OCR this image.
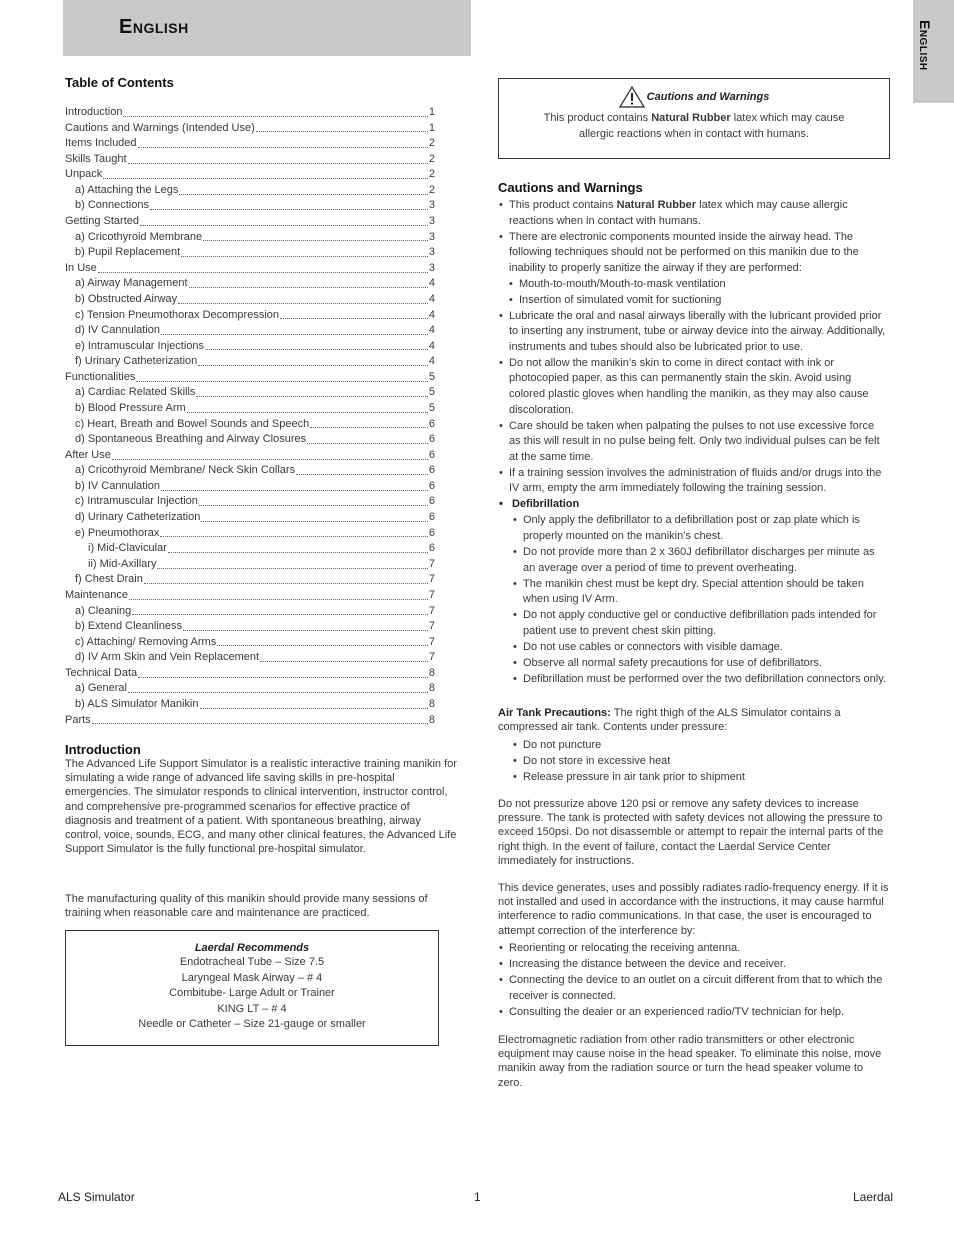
English	English
Table of Contents
Introduction	1
Cautions and Warnings (Intended Use)	1
Items Included	2
Skills Taught	2
Unpack	2
a) Attaching the Legs	2
b) Connections	3
Getting Started	3
a) Cricothyroid Membrane	3
b) Pupil Replacement	3
In Use	3
a) Airway Management	4
b) Obstructed Airway	4
c) Tension Pneumothorax Decompression	4
d) IV Cannulation	4
e) Intramuscular Injections	4
f) Urinary Catheterization	4
Functionalities	5
a) Cardiac Related Skills	5
b) Blood Pressure Arm	5
c) Heart, Breath and Bowel Sounds and Speech	6
d) Spontaneous Breathing and Airway Closures	6
After Use	6
a) Cricothyroid Membrane/ Neck Skin Collars	6
b) IV Cannulation	6
c) Intramuscular Injection	6
d) Urinary Catheterization	6
e) Pneumothorax	6
i) Mid-Clavicular	6
ii) Mid-Axillary	7
f) Chest Drain	7
Maintenance	7
a) Cleaning	7
b) Extend Cleanliness	7
c) Attaching/ Removing Arms	7
d) IV Arm Skin and Vein Replacement	7
Technical Data	8
a) General	8
b) ALS Simulator Manikin	8
Parts	8
Introduction

The Advanced Life Support Simulator is a realistic interactive training manikin for simulating a wide range of advanced life saving skills in pre-hospital emergencies. The simulator responds to clinical intervention, instructor control, and comprehensive pre-programmed scenarios for effective practice of diagnosis and treatment of a patient. With spontaneous breathing, airway control, voice, sounds, ECG, and many other clinical features, the Advanced Life Support Simulator is the fully functional pre-hospital simulator.

The manufacturing quality of this manikin should provide many sessions of training when reasonable care and maintenance are practiced.

Laerdal Recommends
Endotracheal Tube – Size 7.5
Laryngeal Mask Airway – # 4
Combitube- Large Adult or Trainer
KING LT – # 4
Needle or Catheter – Size 21-gauge or smaller
Cautions and Warnings
This product contains Natural Rubber latex which may cause allergic reactions when in contact with humans.
Cautions and Warnings
• This product contains Natural Rubber latex which may cause allergic reactions when in contact with humans.
• There are electronic components mounted inside the airway head. The following techniques should not be performed on this manikin due to the inability to properly sanitize the airway if they are performed:
• Mouth-to-mouth/Mouth-to-mask ventilation
• Insertion of simulated vomit for suctioning
• Lubricate the oral and nasal airways liberally with the lubricant provided prior to inserting any instrument, tube or airway device into the airway. Additionally, instruments and tubes should also be lubricated prior to use.
• Do not allow the manikin’s skin to come in direct contact with ink or photocopied paper, as this can permanently stain the skin. Avoid using colored plastic gloves when handling the manikin, as they may also cause discoloration.
• Care should be taken when palpating the pulses to not use excessive force as this will result in no pulse being felt. Only two individual pulses can be felt at the same time.
• If a training session involves the administration of fluids and/or drugs into the IV arm, empty the arm immediately following the training session.
• Defibrillation
• Only apply the defibrillator to a defibrillation post or zap plate which is properly mounted on the manikin’s chest.
• Do not provide more than 2 x 360J defibrillator discharges per minute as an average over a period of time to prevent overheating.
• The manikin chest must be kept dry. Special attention should be taken when using IV Arm.
• Do not apply conductive gel or conductive defibrillation pads intended for patient use to prevent chest skin pitting.
• Do not use cables or connectors with visible damage.
• Observe all normal safety precautions for use of defibrillators.
• Defibrillation must be performed over the two defibrillation connectors only.

Air Tank Precautions: The right thigh of the ALS Simulator contains a compressed air tank. Contents under pressure:

• Do not puncture
• Do not store in excessive heat
• Release pressure in air tank prior to shipment

Do not pressurize above 120 psi or remove any safety devices to increase pressure. The tank is protected with safety devices not allowing the pressure to exceed 150psi. Do not disassemble or attempt to repair the internal parts of the right thigh. In the event of failure, contact the Laerdal Service Center immediately for instructions.

This device generates, uses and possibly radiates radio-frequency energy. If it is not installed and used in accordance with the instructions, it may cause harmful interference to radio communications. In that case, the user is encouraged to attempt correction of the interference by:

• Reorienting or relocating the receiving antenna.
• Increasing the distance between the device and receiver.
• Connecting the device to an outlet on a circuit different from that to which the receiver is connected.
• Consulting the dealer or an experienced radio/TV technician for help.

Electromagnetic radiation from other radio transmitters or other electronic equipment may cause noise in the head speaker. To eliminate this noise, move manikin away from the radiation source or turn the head speaker volume to zero.

ALS Simulator	1	Laerdal
